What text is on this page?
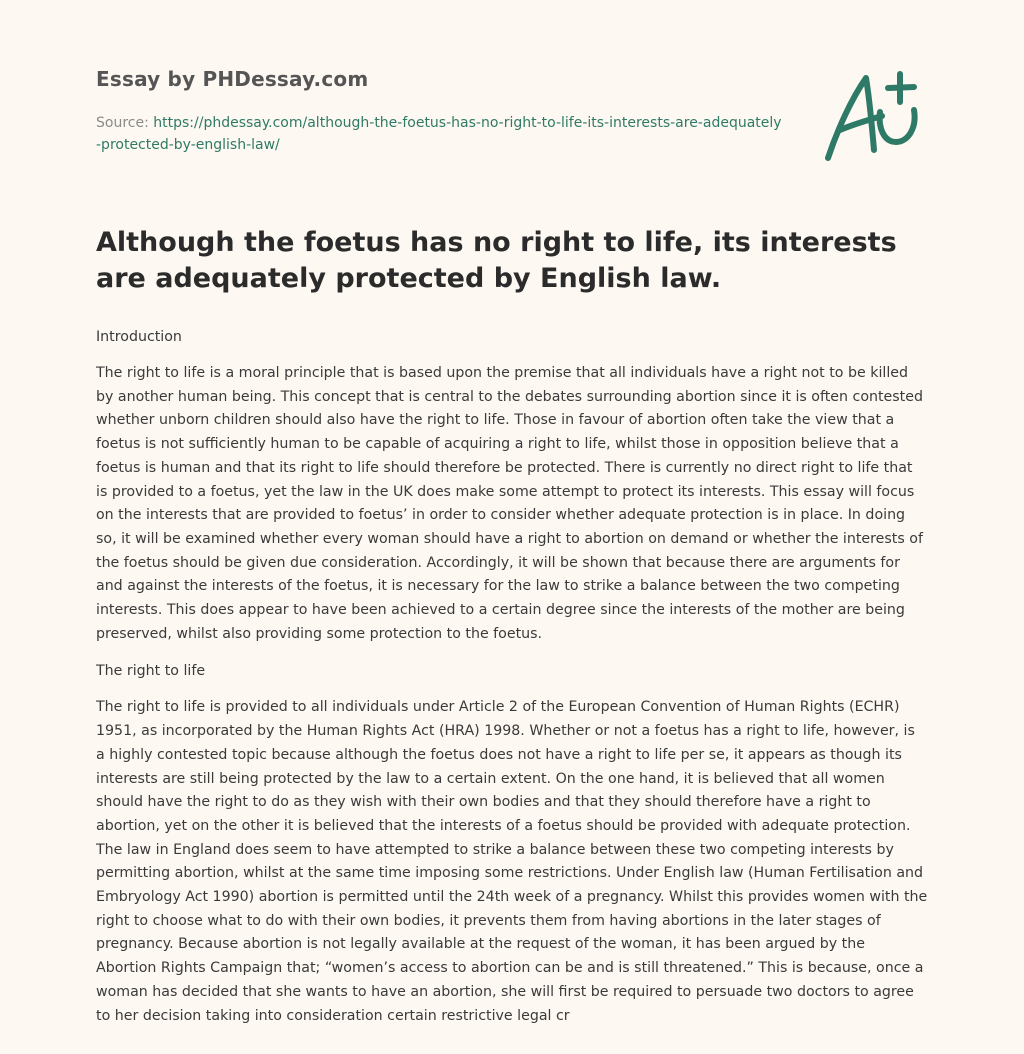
Essay by PHDessay.com
Source: https://phdessay.com/although-the-foetus-has-no-right-to-life-its-interests-are-adequately-protected-by-english-law/
Although the foetus has no right to life, its interests are adequately protected by English law.

Introduction

The right to life is a moral principle that is based upon the premise that all individuals have a right not to be killed by another human being. This concept that is central to the debates surrounding abortion since it is often contested whether unborn children should also have the right to life. Those in favour of abortion often take the view that a foetus is not sufficiently human to be capable of acquiring a right to life, whilst those in opposition believe that a foetus is human and that its right to life should therefore be protected. There is currently no direct right to life that is provided to a foetus, yet the law in the UK does make some attempt to protect its interests. This essay will focus on the interests that are provided to foetus’ in order to consider whether adequate protection is in place. In doing so, it will be examined whether every woman should have a right to abortion on demand or whether the interests of the foetus should be given due consideration. Accordingly, it will be shown that because there are arguments for and against the interests of the foetus, it is necessary for the law to strike a balance between the two competing interests. This does appear to have been achieved to a certain degree since the interests of the mother are being preserved, whilst also providing some protection to the foetus.

The right to life

The right to life is provided to all individuals under Article 2 of the European Convention of Human Rights (ECHR) 1951, as incorporated by the Human Rights Act (HRA) 1998. Whether or not a foetus has a right to life, however, is a highly contested topic because although the foetus does not have a right to life per se, it appears as though its interests are still being protected by the law to a certain extent. On the one hand, it is believed that all women should have the right to do as they wish with their own bodies and that they should therefore have a right to abortion, yet on the other it is believed that the interests of a foetus should be provided with adequate protection. The law in England does seem to have attempted to strike a balance between these two competing interests by permitting abortion, whilst at the same time imposing some restrictions. Under English law (Human Fertilisation and Embryology Act 1990) abortion is permitted until the 24th week of a pregnancy. Whilst this provides women with the right to choose what to do with their own bodies, it prevents them from having abortions in the later stages of pregnancy. Because abortion is not legally available at the request of the woman, it has been argued by the Abortion Rights Campaign that; “women’s access to abortion can be and is still threatened.” This is because, once a woman has decided that she wants to have an abortion, she will first be required to persuade two doctors to agree to her decision taking into consideration certain restrictive legal cr
